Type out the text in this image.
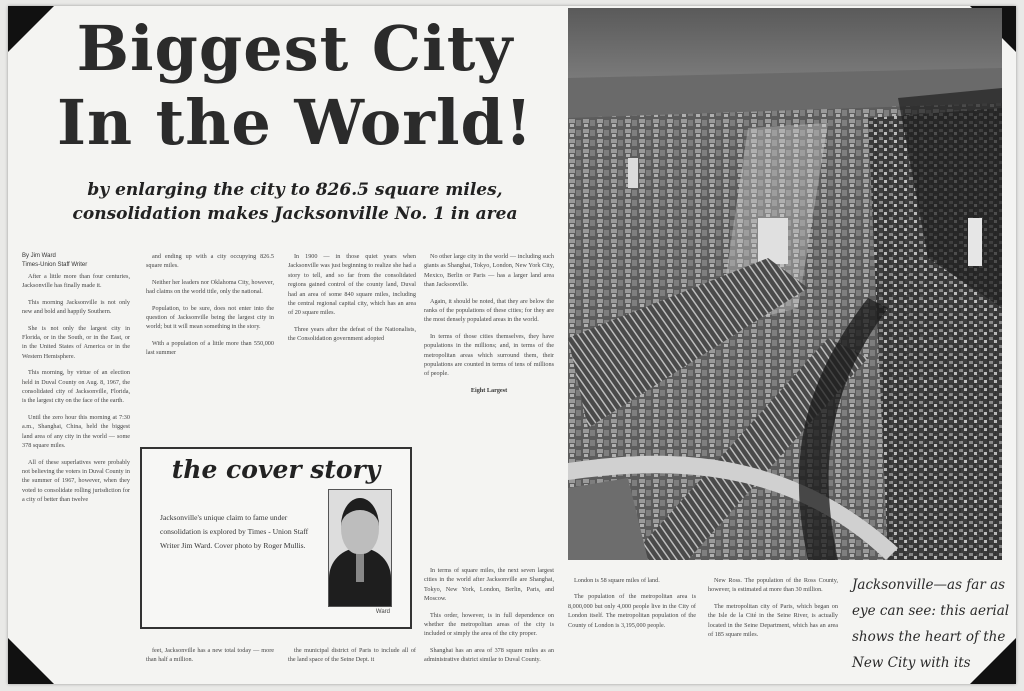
Biggest City
In the World!
by enlarging the city to 826.5 square miles,
consolidation makes Jacksonville No. 1 in area
By Jim Ward
Times-Union Staff Writer

After a little more than four centuries, Jacksonville has finally made it.

This morning Jacksonville is not only new and bold and happily Southern.

She is not only the largest city in Florida, or in the South, or in the East, or in the United States of America or in the Western Hemisphere.

This morning, by virtue of an election held in Duval County on Aug. 8, 1967, the consolidated city of Jacksonville, Florida, is the largest city on the face of the earth.

Until the zero hour this morning at 7:30 a.m., Shanghai, China, held the biggest land area of any city in the world — some 378 square miles.

All of these superlatives were probably not believing the voters in Duval County in the summer of 1967, however, when they voted to consolidate rolling jurisdiction for a city of better than twelve

and ending up with a city occupying 826.5 square miles.

Neither her leaders nor Oklahoma City, however, had claims on the world title, only the national.

Population, to be sure, does not enter into the question of Jacksonville being the largest city in world; but it will mean something in the story.

With a population of a little more than 550,000 last summer

In 1900 — in those quiet years when Jacksonville was just beginning to realize she had a story to tell, and so far from the consolidated regions gained control of the county land, Duval had an area of some 840 square miles, including the central regional capital city, which has an area of 20 square miles.

Three years after the defeat of the Nationalists, the Consolidation government adopted

No other large city in the world — including such giants as Shanghai, Tokyo, London, New York City, Mexico, Berlin or Paris — has a larger land area than Jacksonville.

Again, it should be noted, that they are below the ranks of the populations of these cities; for they are the most densely populated areas in the world.

In terms of those cities themselves, they have populations in the millions; and, in terms of the metropolitan areas which surround them, their populations are counted in terms of tens of millions of people.

Eight Largest

In terms of square miles, the next seven largest cities in the world after Jacksonville are Shanghai, Tokyo, New York, London, Berlin, Paris, and Moscow.

This order, however, is in full dependence on whether the metropolitan areas of the city is included or simply the area of the city proper.

Shanghai has an area of 378 square miles as an administrative district similar to Duval County.

feet, Jacksonville has a new total today — more than half a million.

the municipal district of Paris to include all of the land space of the Seine Dept. it

London is 58 square miles of land.

The population of the metropolitan area is 8,000,000 but only 4,000 people live in the City of London itself. The metropolitan population of the County of London is 3,195,000 people.

New Ross. The population of the Ross County, however, is estimated at more than 30 million.

The metropolitan city of Paris, which began on the Isle de la Cité in the Seine River, is actually located in the Seine Department, which has an area of 185 square miles.

the cover story
Jacksonville's unique claim to fame under consolidation is explored by Times - Union Staff Writer Jim Ward. Cover photo by Roger Mullis.
Ward
Jacksonville—as far as
eye can see: this aerial
shows the heart of the
New City with its
